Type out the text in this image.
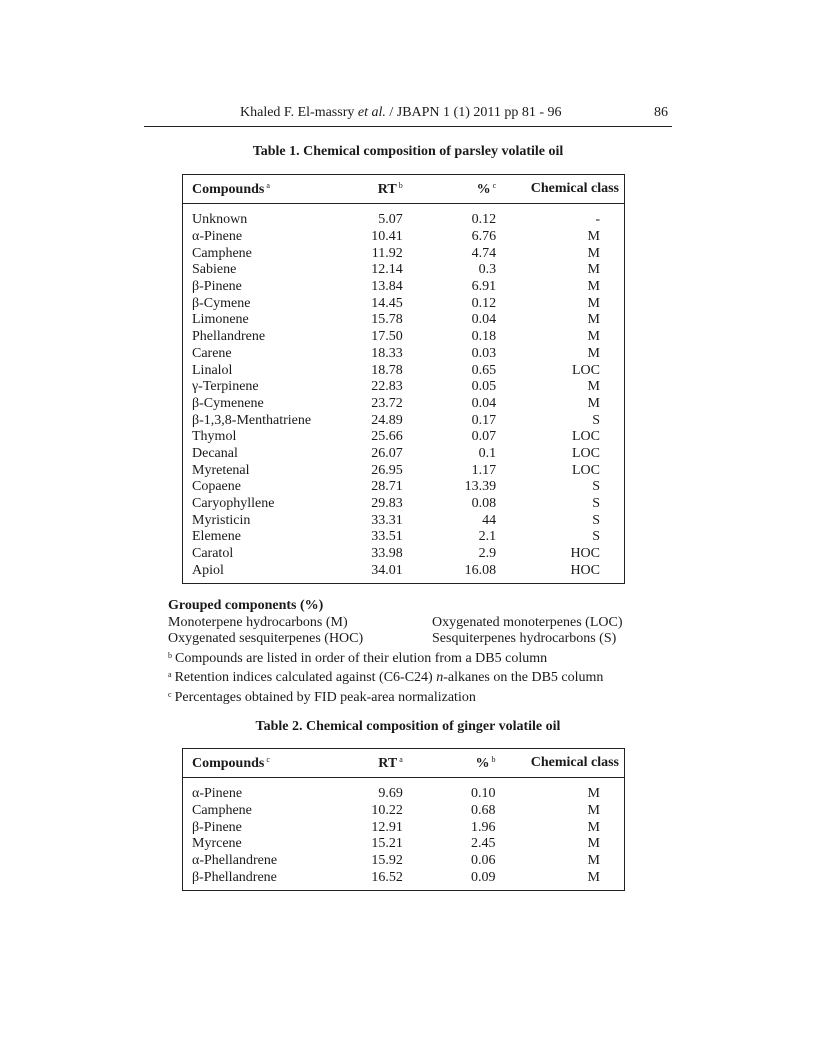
Khaled F. El-massry et al. / JBAPN 1 (1) 2011 pp 81 - 96	86
Table 1. Chemical composition of parsley volatile oil
Compounds $^a$	RT $^b$	% $^c$	Chemical class

Unknown	5.07	0.12	-
α-Pinene	10.41	6.76	M
Camphene	11.92	4.74	M
Sabiene	12.14	0.3	M
β-Pinene	13.84	6.91	M
β-Cymene	14.45	0.12	M
Limonene	15.78	0.04	M
Phellandrene	17.50	0.18	M
Carene	18.33	0.03	M
Linalol	18.78	0.65	LOC
γ-Terpinene	22.83	0.05	M
β-Cymenene	23.72	0.04	M
β-1,3,8-Menthatriene	24.89	0.17	S
Thymol	25.66	0.07	LOC
Decanal	26.07	0.1	LOC
Myretenal	26.95	1.17	LOC
Copaene	28.71	13.39	S
Caryophyllene	29.83	0.08	S
Myristicin	33.31	44	S
Elemene	33.51	2.1	S
Caratol	33.98	2.9	HOC
Apiol	34.01	16.08	HOC

Grouped components (%)
Monoterpene hydrocarbons (M)	Oxygenated monoterpenes (LOC)
Oxygenated sesquiterpenes (HOC)	Sesquiterpenes hydrocarbons (S)
$^b$ Compounds are listed in order of their elution from a DB5 column
$^a$ Retention indices calculated against (C6-C24) n-alkanes on the DB5 column
$^c$ Percentages obtained by FID peak-area normalization
Table 2. Chemical composition of ginger volatile oil
Compounds $^c$	RT $^a$	% $^b$	Chemical class

α-Pinene	9.69	0.10	M
Camphene	10.22	0.68	M
β-Pinene	12.91	1.96	M
Myrcene	15.21	2.45	M
α-Phellandrene	15.92	0.06	M
β-Phellandrene	16.52	0.09	M
